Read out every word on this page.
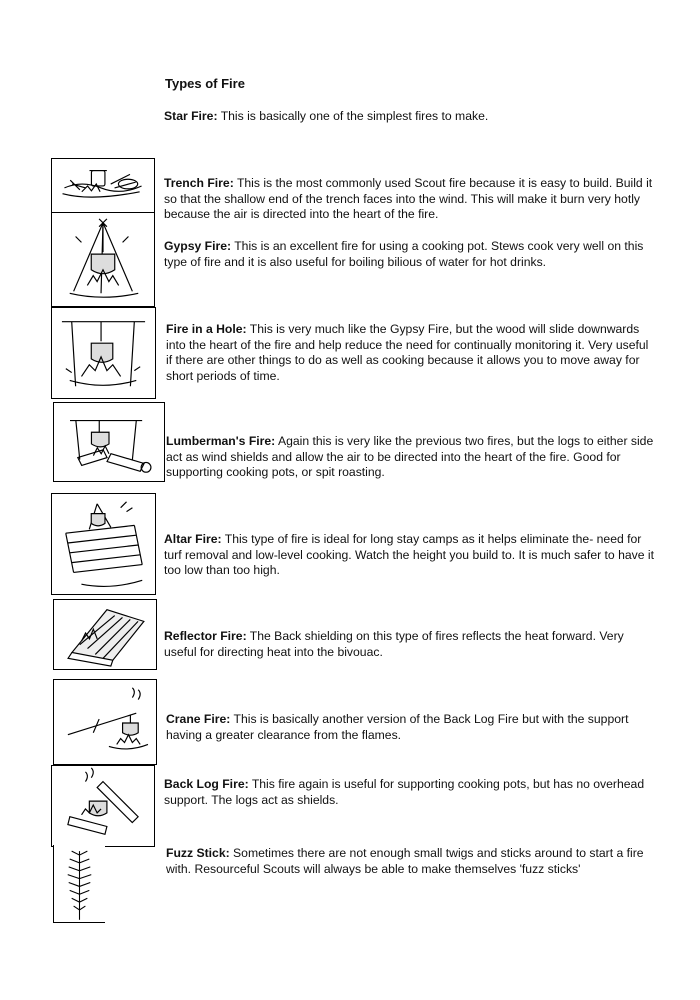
Types of Fire
Star Fire: This is basically one of the simplest fires to make.
Trench Fire: This is the most commonly used Scout fire because it is easy to build. Build it so that the shallow end of the trench faces into the wind. This will make it burn very hotly because the air is directed into the heart of the fire.
Gypsy Fire: This is an excellent fire for using a cooking pot. Stews cook very well on this type of fire and it is also useful for boiling bilious of water for hot drinks.
Fire in a Hole: This is very much like the Gypsy Fire, but the wood will slide downwards into the heart of the fire and help reduce the need for continually monitoring it. Very useful if there are other things to do as well as cooking because it allows you to move away for short periods of time.
Lumberman's Fire: Again this is very like the previous two fires, but the logs to either side act as wind shields and allow the air to be directed into the heart of the fire. Good for supporting cooking pots, or spit roasting.
Altar Fire: This type of fire is ideal for long stay camps as it helps eliminate the- need for turf removal and low-level cooking. Watch the height you build to. It is much safer to have it too low than too high.
Reflector Fire: The Back shielding on this type of fires reflects the heat forward. Very useful for directing heat into the bivouac.
Crane Fire: This is basically another version of the Back Log Fire but with the support having a greater clearance from the flames.
Back Log Fire: This fire again is useful for supporting cooking pots, but has no overhead support. The logs act as shields.
Fuzz Stick: Sometimes there are not enough small twigs and sticks around to start a fire with. Resourceful Scouts will always be able to make themselves 'fuzz sticks'
